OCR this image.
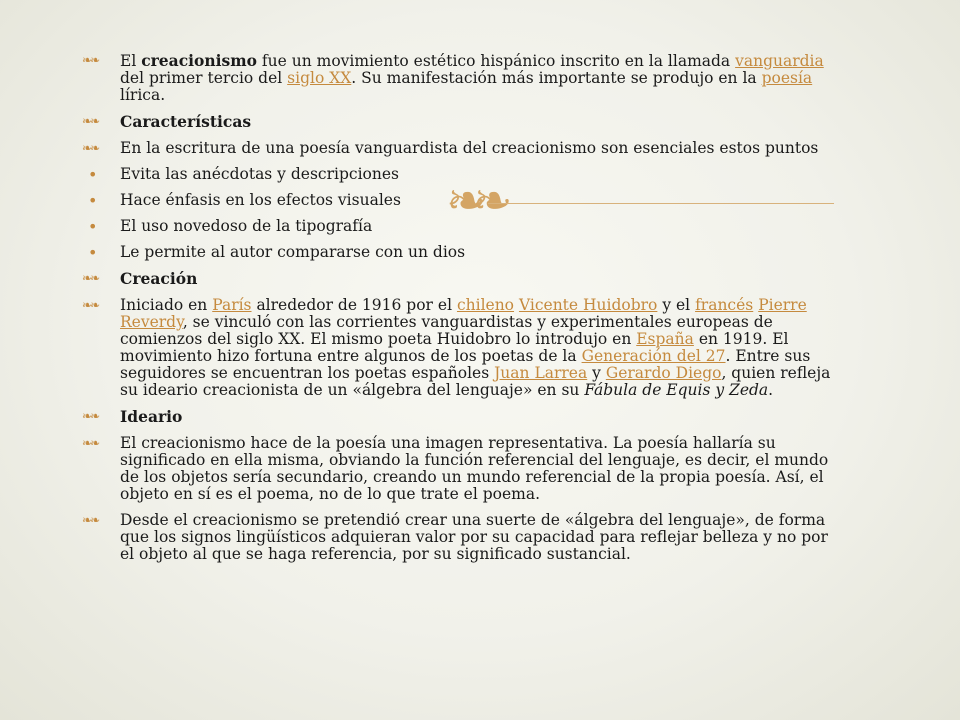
❧❧
❧ ❧
El creacionismo fue un movimiento estético hispánico inscrito en la llamada vanguardia del primer tercio del siglo XX. Su manifestación más importante se produjo en la poesía lírica.
❧ ❧
Características
❧ ❧
En la escritura de una poesía vanguardista del creacionismo son esenciales estos puntos
•
Evita las anécdotas y descripciones
•
Hace énfasis en los efectos visuales
•
El uso novedoso de la tipografía
•
Le permite al autor compararse con un dios
❧ ❧
Creación
❧ ❧
Iniciado en París alrededor de 1916 por el chileno Vicente Huidobro y el francés Pierre Reverdy, se vinculó con las corrientes vanguardistas y experimentales europeas de comienzos del siglo XX. El mismo poeta Huidobro lo introdujo en España en 1919. El movimiento hizo fortuna entre algunos de los poetas de la Generación del 27. Entre sus seguidores se encuentran los poetas españoles Juan Larrea y Gerardo Diego, quien refleja su ideario creacionista de un «álgebra del lenguaje» en su Fábula de Equis y Zeda.
❧ ❧
Ideario
❧ ❧
El creacionismo hace de la poesía una imagen representativa. La poesía hallaría su significado en ella misma, obviando la función referencial del lenguaje, es decir, el mundo de los objetos sería secundario, creando un mundo referencial de la propia poesía. Así, el objeto en sí es el poema, no de lo que trate el poema.
❧ ❧
Desde el creacionismo se pretendió crear una suerte de «álgebra del lenguaje», de forma que los signos lingüísticos adquieran valor por su capacidad para reflejar belleza y no por el objeto al que se haga referencia, por su significado sustancial.
